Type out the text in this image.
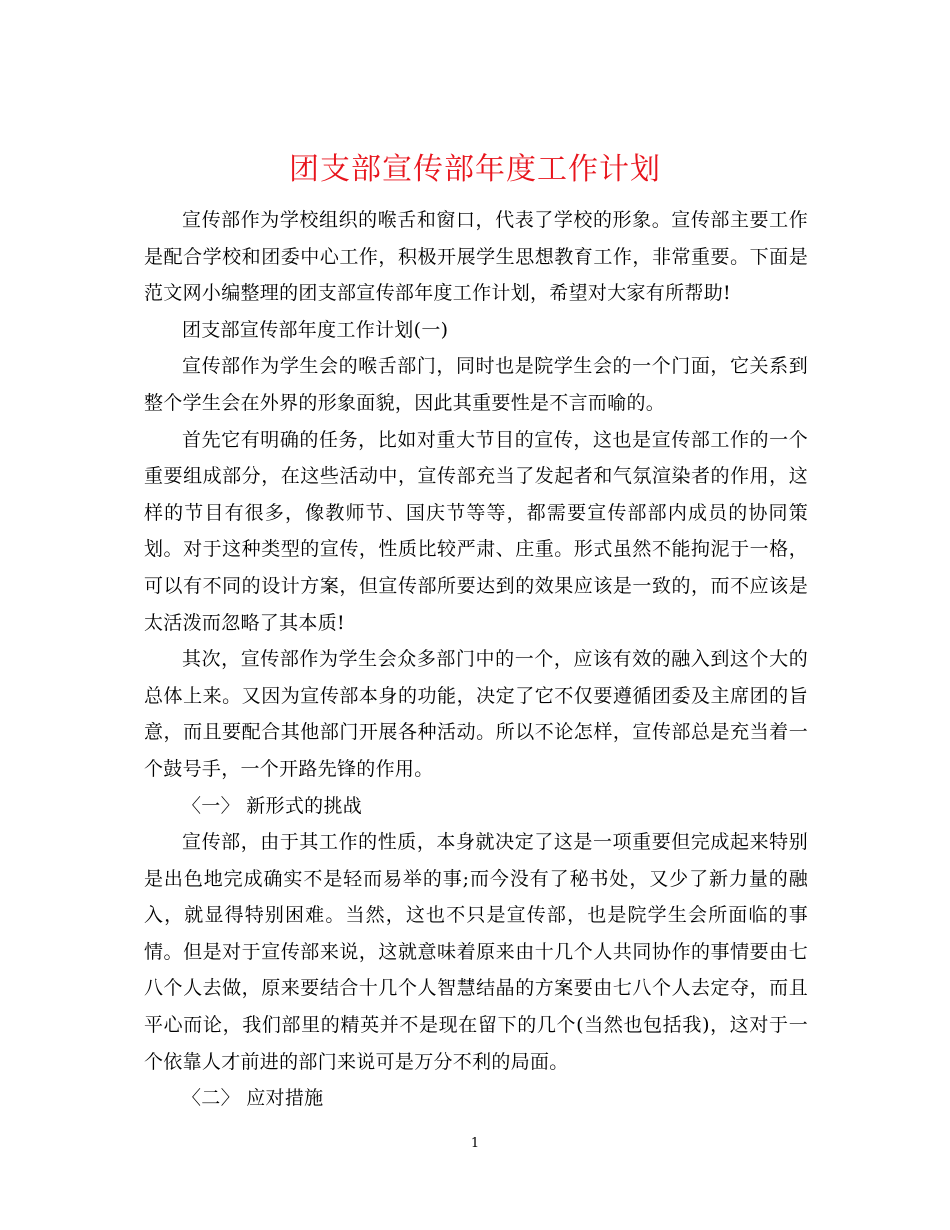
团支部宣传部年度工作计划

宣传部作为学校组织的喉舌和窗口，代表了学校的形象。宣传部主要工作是配合学校和团委中心工作，积极开展学生思想教育工作，非常重要。下面是范文网小编整理的团支部宣传部年度工作计划，希望对大家有所帮助!

团支部宣传部年度工作计划(一)

宣传部作为学生会的喉舌部门，同时也是院学生会的一个门面，它关系到整个学生会在外界的形象面貌，因此其重要性是不言而喻的。

首先它有明确的任务，比如对重大节目的宣传，这也是宣传部工作的一个重要组成部分，在这些活动中，宣传部充当了发起者和气氛渲染者的作用，这样的节目有很多，像教师节、国庆节等等，都需要宣传部部内成员的协同策划。对于这种类型的宣传，性质比较严肃、庄重。形式虽然不能拘泥于一格，可以有不同的设计方案，但宣传部所要达到的效果应该是一致的，而不应该是太活泼而忽略了其本质!

其次，宣传部作为学生会众多部门中的一个，应该有效的融入到这个大的总体上来。又因为宣传部本身的功能，决定了它不仅要遵循团委及主席团的旨意，而且要配合其他部门开展各种活动。所以不论怎样，宣传部总是充当着一个鼓号手，一个开路先锋的作用。

〈一〉 新形式的挑战

宣传部，由于其工作的性质，本身就决定了这是一项重要但完成起来特别是出色地完成确实不是轻而易举的事;而今没有了秘书处，又少了新力量的融入，就显得特别困难。当然，这也不只是宣传部，也是院学生会所面临的事情。但是对于宣传部来说，这就意味着原来由十几个人共同协作的事情要由七八个人去做，原来要结合十几个人智慧结晶的方案要由七八个人去定夺，而且平心而论，我们部里的精英并不是现在留下的几个(当然也包括我)，这对于一个依靠人才前进的部门来说可是万分不利的局面。

〈二〉 应对措施

1
